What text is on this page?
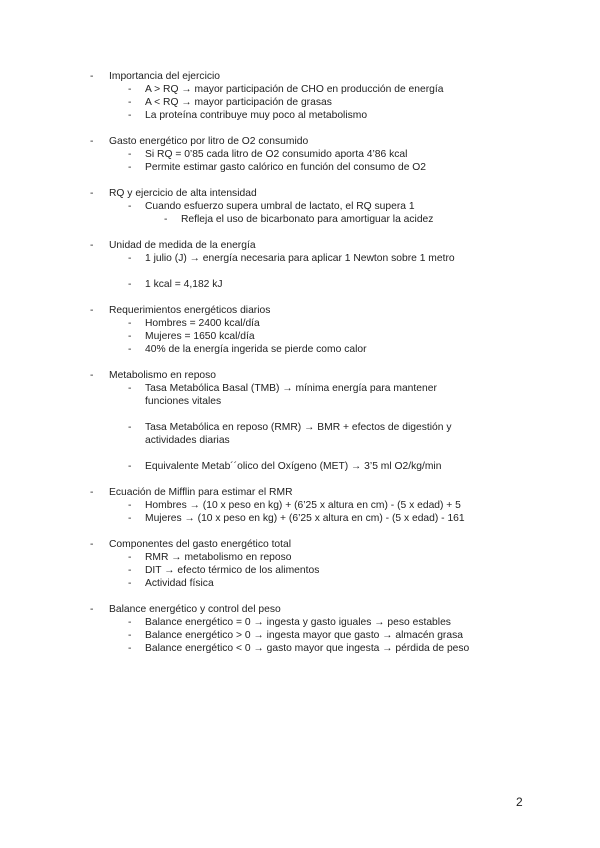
- Importancia del ejercicio
- A > RQ → mayor participación de CHO en producción de energía
- A < RQ → mayor participación de grasas
- La proteína contribuye muy poco al metabolismo
- Gasto energético por litro de O2 consumido
- Si RQ = 0’85 cada litro de O2 consumido aporta 4’86 kcal
- Permite estimar gasto calórico en función del consumo de O2
- RQ y ejercicio de alta intensidad
- Cuando esfuerzo supera umbral de lactato, el RQ supera 1
- Refleja el uso de bicarbonato para amortiguar la acidez
- Unidad de medida de la energía
- 1 julio (J) → energía necesaria para aplicar 1 Newton sobre 1 metro
- 1 kcal = 4,182 kJ
- Requerimientos energéticos diarios
- Hombres = 2400 kcal/día
- Mujeres = 1650 kcal/día
- 40% de la energía ingerida se pierde como calor
- Metabolismo en reposo
- Tasa Metabólica Basal (TMB) → mínima energía para mantener
funciones vitales
- Tasa Metabólica en reposo (RMR) → BMR + efectos de digestión y
actividades diarias
- Equivalente Metab´´olico del Oxígeno (MET) → 3’5 ml O2/kg/min
- Ecuación de Mifflin para estimar el RMR
- Hombres → (10 x peso en kg) + (6’25 x altura en cm) - (5 x edad) + 5
- Mujeres → (10 x peso en kg) + (6’25 x altura en cm) - (5 x edad) - 161
- Componentes del gasto energético total
- RMR → metabolismo en reposo
- DIT → efecto térmico de los alimentos
- Actividad física
- Balance energético y control del peso
- Balance energético = 0 → ingesta y gasto iguales → peso estables
- Balance energético > 0 → ingesta mayor que gasto → almacén grasa
- Balance energético < 0 → gasto mayor que ingesta → pérdida de peso
2
